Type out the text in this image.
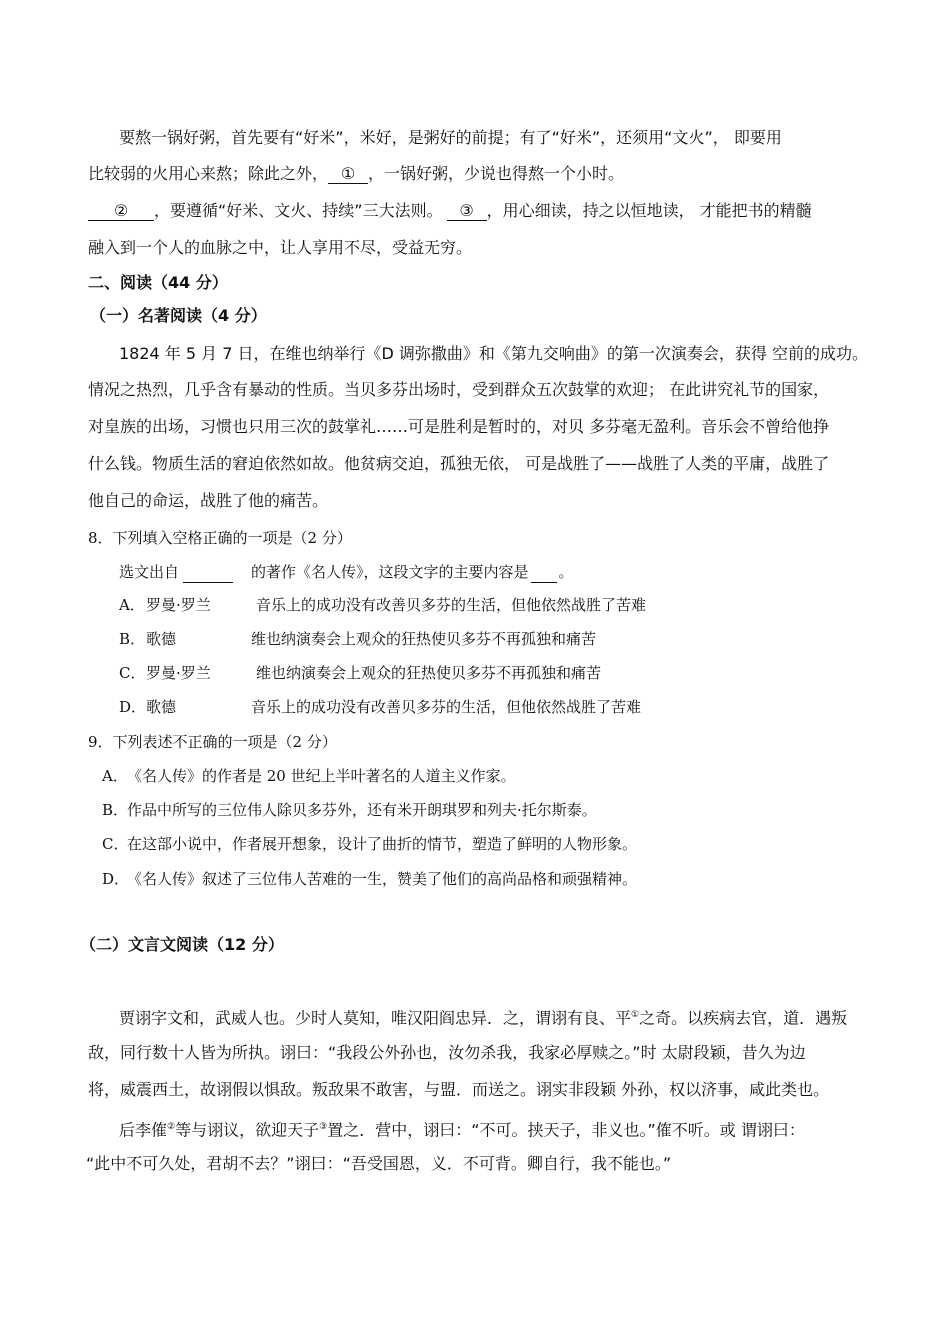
要熬一锅好粥，首先要有“好米”，米好，是粥好的前提；有了“好米”，还须用“文火”， 即要用
比较弱的火用心来熬；除此之外， ① ，一锅好粥，少说也得熬一个小时。
② ，要遵循“好米、文火、持续”三大法则。 ③ ，用心细读，持之以恒地读， 才能把书的精髓
融入到一个人的血脉之中，让人享用不尽，受益无穷。
二、阅读（44 分）
（一）名著阅读（4 分）
1824 年 5 月 7 日，在维也纳举行《D 调弥撒曲》和《第九交响曲》的第一次演奏会，获得 空前的成功。
情况之热烈，几乎含有暴动的性质。当贝多芬出场时，受到群众五次鼓掌的欢迎； 在此讲究礼节的国家，
对皇族的出场，习惯也只用三次的鼓掌礼……可是胜利是暂时的，对贝 多芬毫无盈利。音乐会不曾给他挣
什么钱。物质生活的窘迫依然如故。他贫病交迫，孤独无依， 可是战胜了——战胜了人类的平庸，战胜了
他自己的命运，战胜了他的痛苦。
8．下列填入空格正确的一项是（2 分）
选文出自	的著作《名人传》，这段文字的主要内容是 。
A． 罗曼·罗兰	音乐上的成功没有改善贝多芬的生活，但他依然战胜了苦难
B． 歌德	维也纳演奏会上观众的狂热使贝多芬不再孤独和痛苦
C． 罗曼·罗兰	维也纳演奏会上观众的狂热使贝多芬不再孤独和痛苦
D． 歌德	音乐上的成功没有改善贝多芬的生活，但他依然战胜了苦难
9．下列表述不正确的一项是（2 分）
A． 《名人传》的作者是 20 世纪上半叶著名的人道主义作家。
B．
作品中所写的三位伟人除贝多芬外，还有米开朗琪罗和列夫·托尔斯泰。
C．
在这部小说中，作者展开想象，设计了曲折的情节，塑造了鲜明的人物形象。
D．
《名人传》叙述了三位伟人苦难的一生，赞美了他们的高尚品格和顽强精神。
（二）文言文阅读（12 分）
贾诩字文和，武威人也。少时人莫知，唯汉阳阎忠异．之，谓诩有良、平①之奇。以疾病去官，道．遇叛
敌，同行数十人皆为所执。诩曰：“我段公外孙也，汝勿杀我，我家必厚赎之。”时 太尉段颖，昔久为边
将，威震西土，故诩假以惧敌。叛敌果不敢害，与盟．而送之。诩实非段颖 外孙，权以济事，咸此类也。
后李傕②等与诩议，欲迎天子③置之．营中，诩曰：“不可。挟天子，非义也。”傕不听。或 谓诩曰：
“此中不可久处，君胡不去？”诩曰：“吾受国恩，义．不可背。卿自行，我不能也。”
